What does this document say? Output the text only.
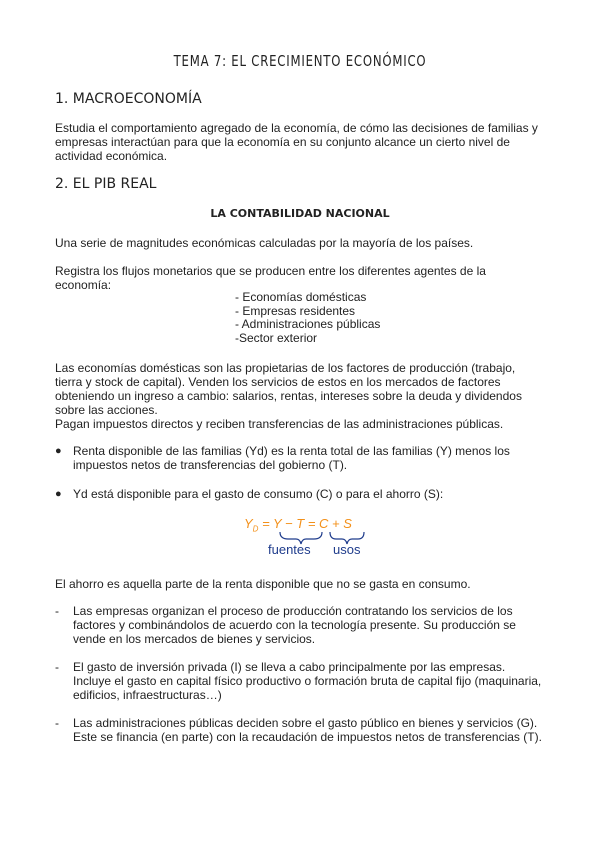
TEMA 7: EL CRECIMIENTO ECONÓMICO
1. MACROECONOMÍA
Estudia el comportamiento agregado de la economía, de cómo las decisiones de familias y empresas interactúan para que la economía en su conjunto alcance un cierto nivel de actividad económica.
2. EL PIB REAL
LA CONTABILIDAD NACIONAL
Una serie de magnitudes económicas calculadas por la mayoría de los países.
Registra los flujos monetarios que se producen entre los diferentes agentes de la economía:
- Economías domésticas
- Empresas residentes
- Administraciones públicas
-Sector exterior
Las economías domésticas son las propietarias de los factores de producción (trabajo, tierra y stock de capital). Venden los servicios de estos en los mercados de factores obteniendo un ingreso a cambio: salarios, rentas, intereses sobre la deuda y dividendos sobre las acciones.
Pagan impuestos directos y reciben transferencias de las administraciones públicas.
● Renta disponible de las familias (Yd) es la renta total de las familias (Y) menos los impuestos netos de transferencias del gobierno (T).
● Yd está disponible para el gasto de consumo (C) o para el ahorro (S):
$Y_D = Y - T = C + S$
fuentes usos
El ahorro es aquella parte de la renta disponible que no se gasta en consumo.
- Las empresas organizan el proceso de producción contratando los servicios de los factores y combinándolos de acuerdo con la tecnología presente. Su producción se vende en los mercados de bienes y servicios.
- El gasto de inversión privada (I) se lleva a cabo principalmente por las empresas. Incluye el gasto en capital físico productivo o formación bruta de capital fijo (maquinaria, edificios, infraestructuras…)
- Las administraciones públicas deciden sobre el gasto público en bienes y servicios (G). Este se financia (en parte) con la recaudación de impuestos netos de transferencias (T).
